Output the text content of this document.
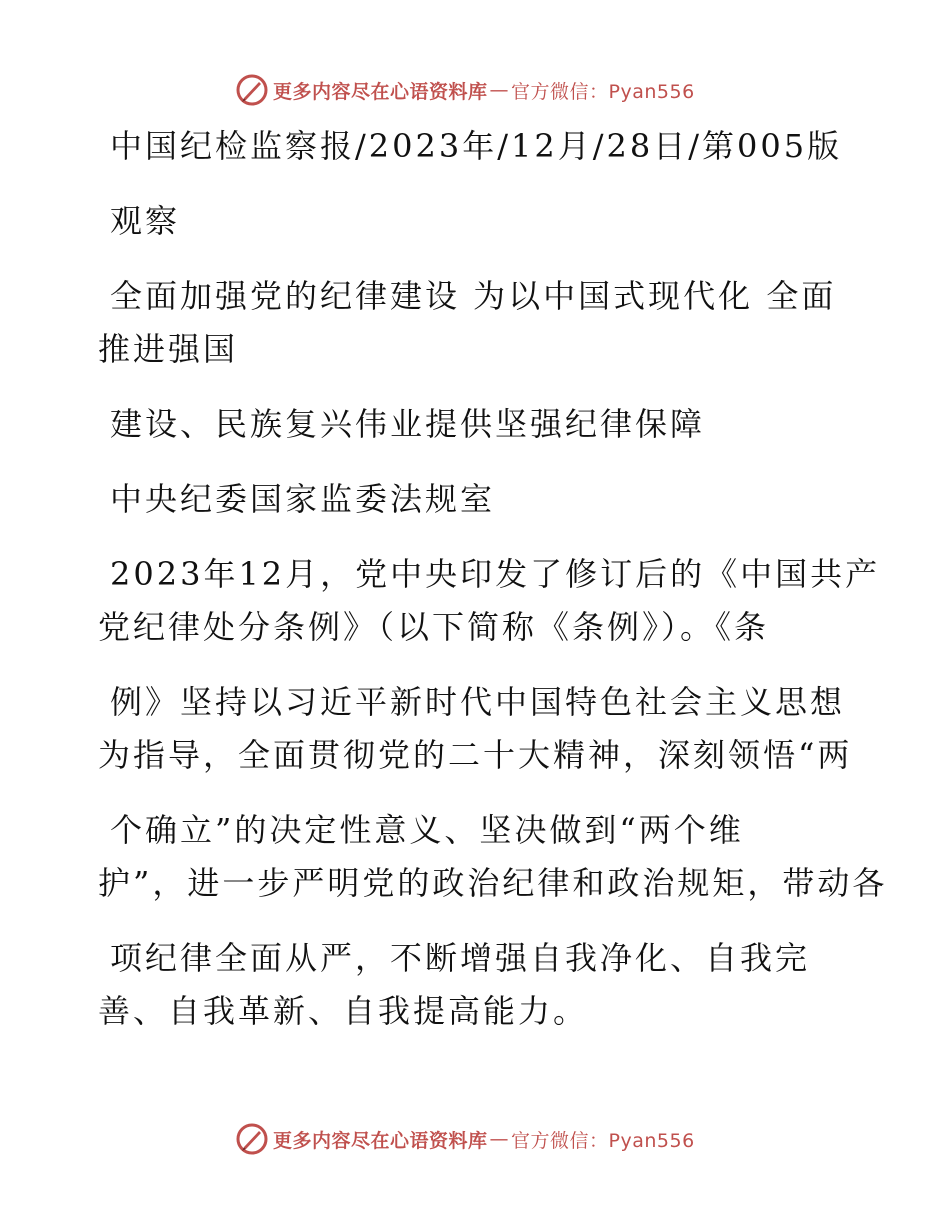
更多内容尽在心语资料库 — 官方微信：Pyan556
中国纪检监察报/2023年/12月/28日/第005版
观察
全面加强党的纪律建设 为以中国式现代化 全面
推进强国
建设、民族复兴伟业提供坚强纪律保障
中央纪委国家监委法规室
2023年12月，党中央印发了修订后的《中国共产
党纪律处分条例》（以下简称《条例》）。《条
例》坚持以习近平新时代中国特色社会主义思想
为指导，全面贯彻党的二十大精神，深刻领悟“两
个确立”的决定性意义、坚决做到“两个维
护”，进一步严明党的政治纪律和政治规矩，带动各
项纪律全面从严，不断增强自我净化、自我完
善、自我革新、自我提高能力。
更多内容尽在心语资料库 — 官方微信：Pyan556
